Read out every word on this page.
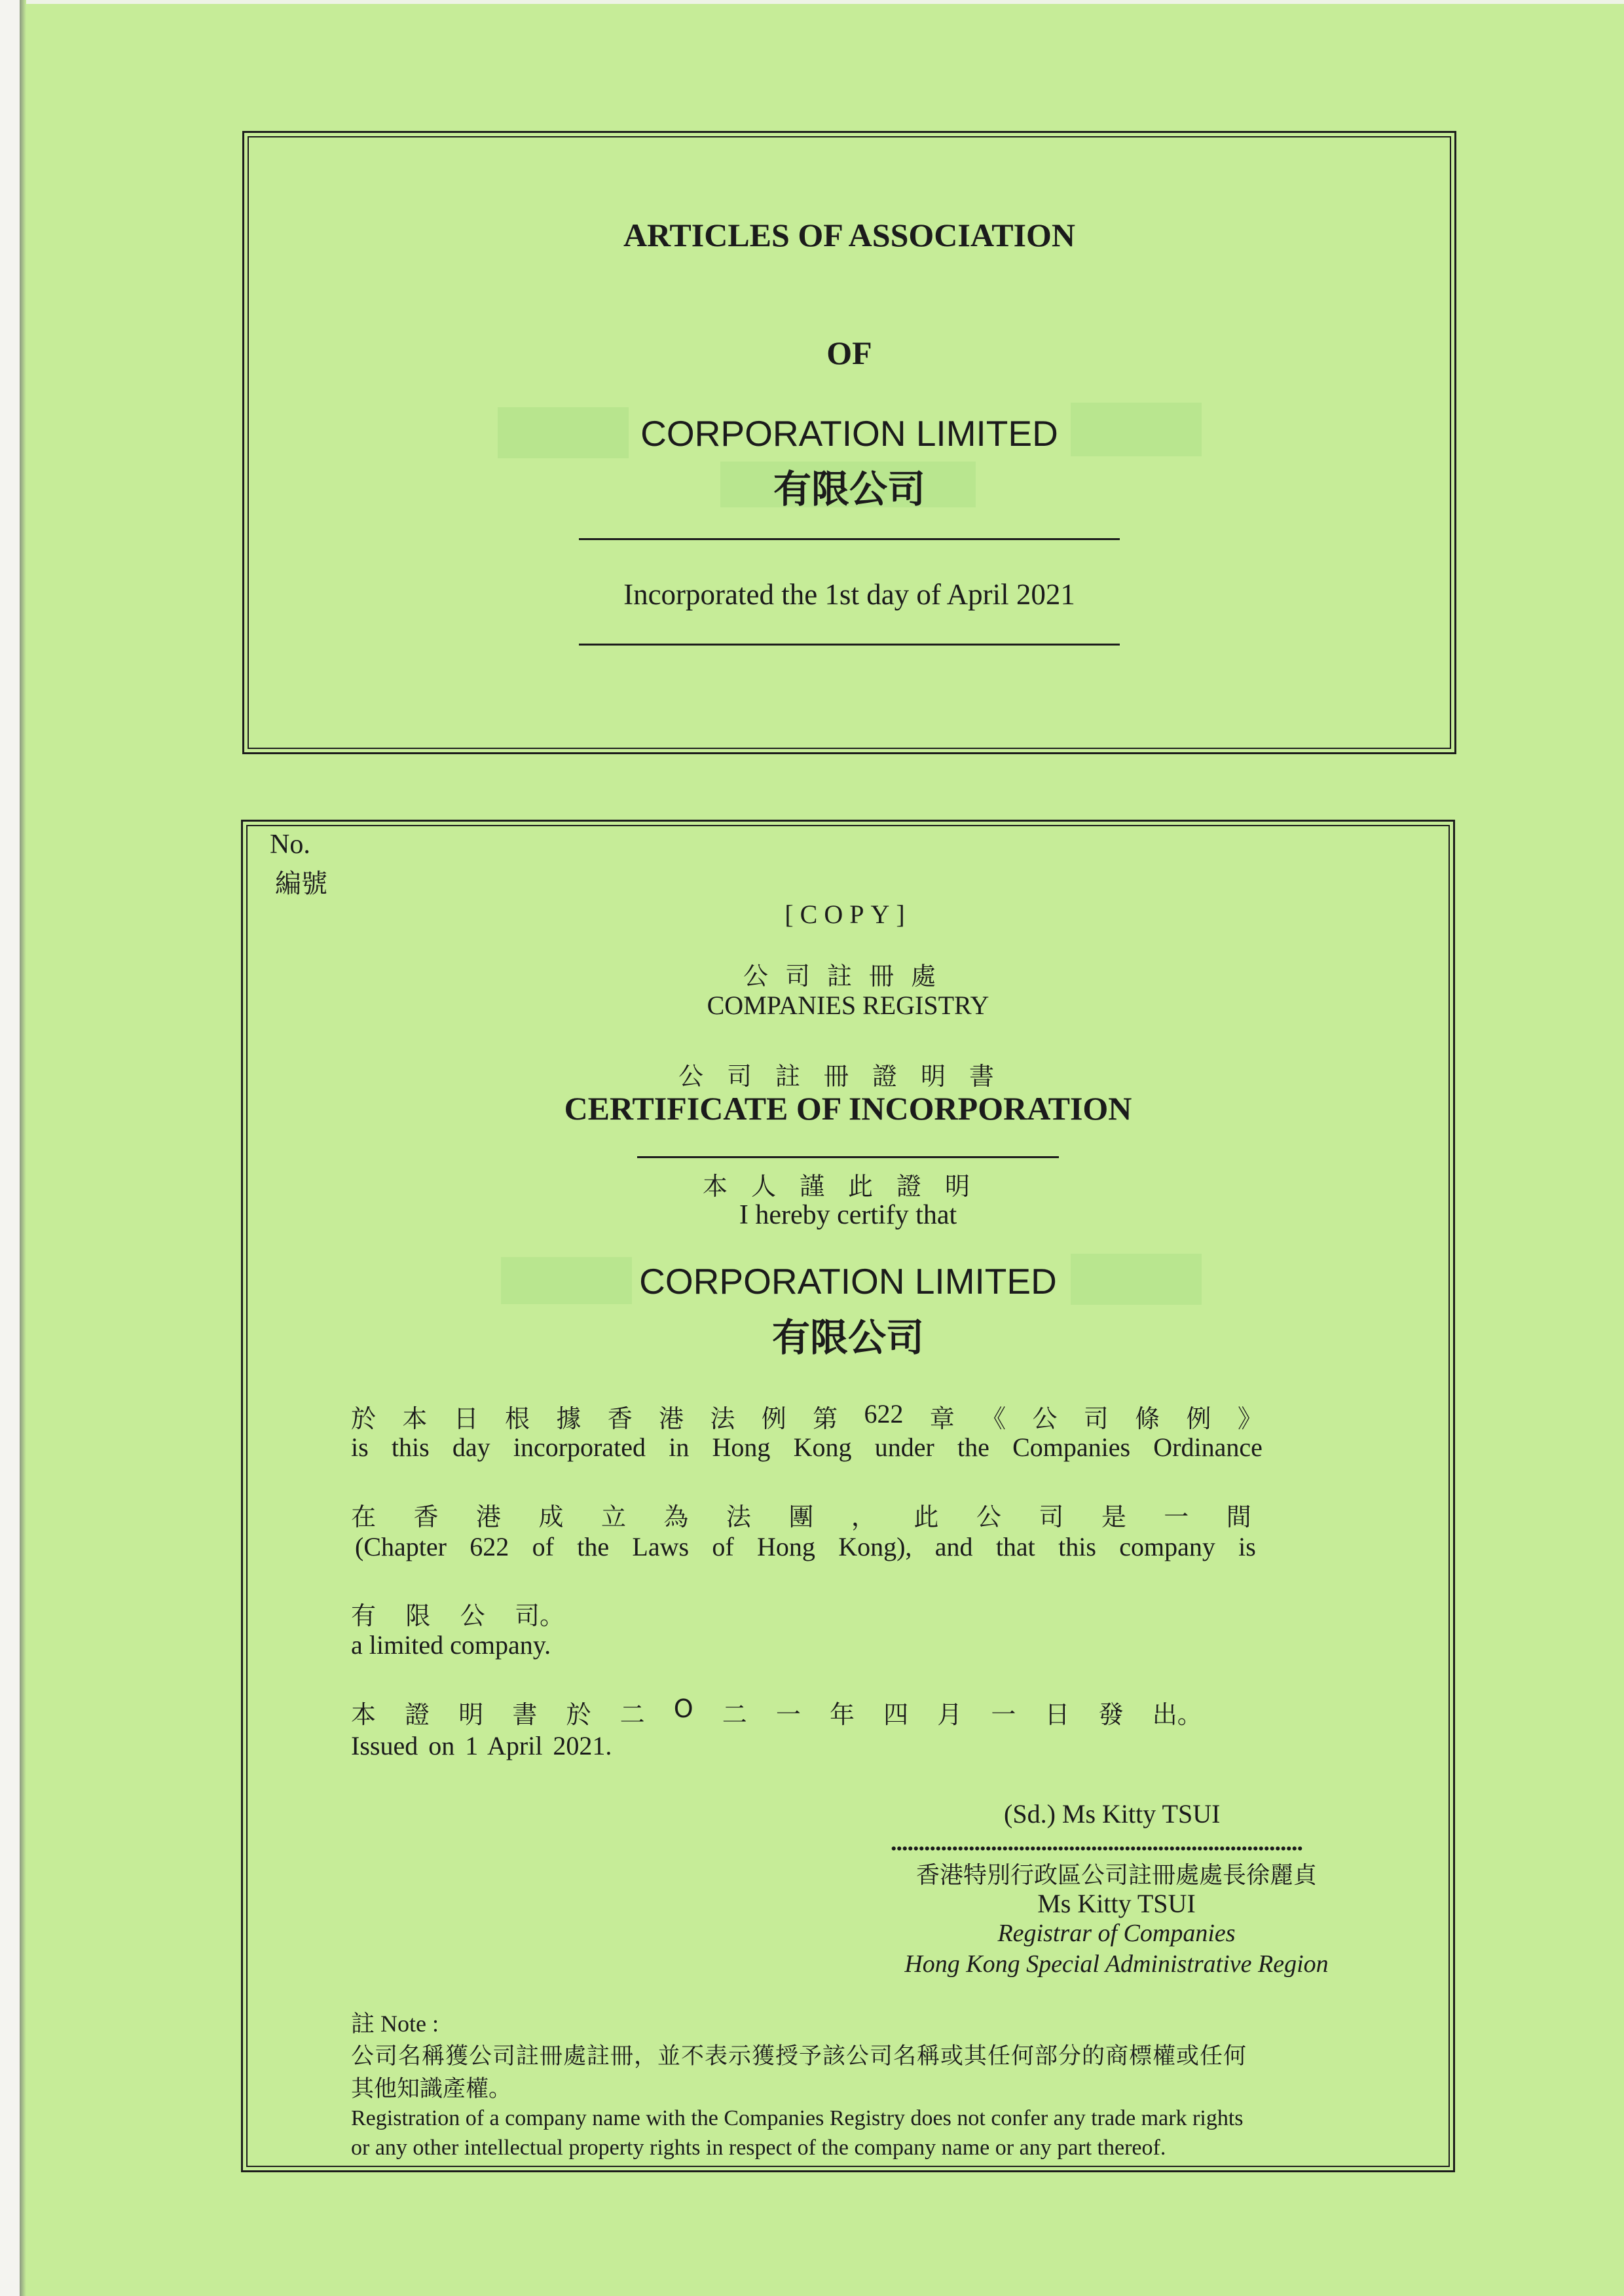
ARTICLES OF ASSOCIATION
OF
CORPORATION LIMITED
有限公司
Incorporated the 1st day of April 2021
No.
編號
[COPY]
公司註冊處
COMPANIES REGISTRY
公司註冊證明書
CERTIFICATE OF INCORPORATION
本人謹此證明
I hereby certify that
CORPORATION LIMITED
有限公司
於 本 日 根 據 香 港 法 例 第 622 章 《 公 司 條 例 》
is this day incorporated in Hong Kong under the Companies Ordinance
在 香 港 成 立 為 法 團 ， 此 公 司 是 一 間
(Chapter 622 of the Laws of Hong Kong), and that this company is
有 限 公 司。
a limited company.
本 證 明 書 於 二 O 二 一 年 四 月 一 日 發 出。
Issued on 1 April 2021.
(Sd.) Ms Kitty TSUI
..........................................................................
香港特別行政區公司註冊處處長徐麗貞
Ms Kitty TSUI
Registrar of Companies
Hong Kong Special Administrative Region
註 Note :
公司名稱獲公司註冊處註冊，並不表示獲授予該公司名稱或其任何部分的商標權或任何
其他知識產權。
Registration of a company name with the Companies Registry does not confer any trade mark rights
or any other intellectual property rights in respect of the company name or any part thereof.
